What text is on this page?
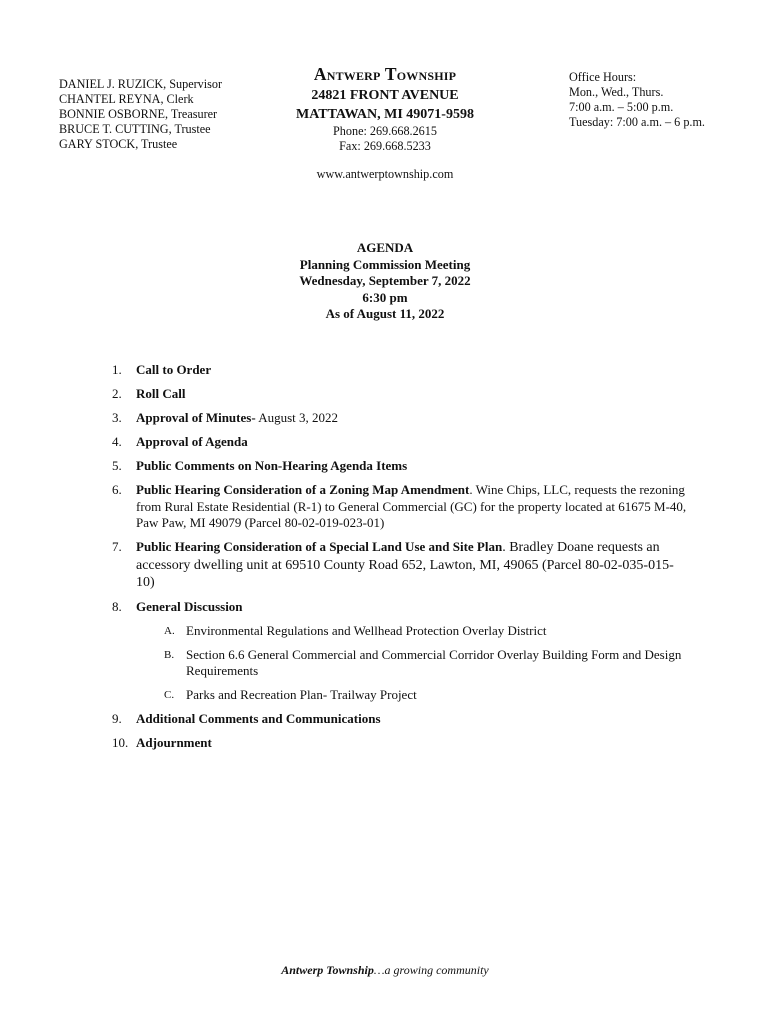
DANIEL J. RUZICK, Supervisor
CHANTEL REYNA, Clerk
BONNIE OSBORNE, Treasurer
BRUCE T. CUTTING, Trustee
GARY STOCK, Trustee
Antwerp Township
24821 FRONT AVENUE
MATTAWAN, MI 49071-9598
Phone: 269.668.2615
Fax: 269.668.5233
www.antwerptownship.com
Office Hours:
Mon., Wed., Thurs.
7:00 a.m. – 5:00 p.m.
Tuesday: 7:00 a.m. – 6 p.m.
AGENDA
Planning Commission Meeting
Wednesday, September 7, 2022
6:30 pm
As of August 11, 2022
1.	Call to Order
2.	Roll Call
3.	Approval of Minutes- August 3, 2022
4.	Approval of Agenda
5.	Public Comments on Non-Hearing Agenda Items
6.	Public Hearing Consideration of a Zoning Map Amendment. Wine Chips, LLC, requests the rezoning from Rural Estate Residential (R-1) to General Commercial (GC) for the property located at 61675 M-40, Paw Paw, MI 49079 (Parcel 80-02-019-023-01)
7.	Public Hearing Consideration of a Special Land Use and Site Plan. Bradley Doane requests an accessory dwelling unit at 69510 County Road 652, Lawton, MI, 49065 (Parcel 80-02-035-015-10)
8.	General Discussion
A. Environmental Regulations and Wellhead Protection Overlay District
B. Section 6.6 General Commercial and Commercial Corridor Overlay Building Form and Design Requirements
C. Parks and Recreation Plan- Trailway Project
9.	Additional Comments and Communications
10. Adjournment
Antwerp Township…a growing community
